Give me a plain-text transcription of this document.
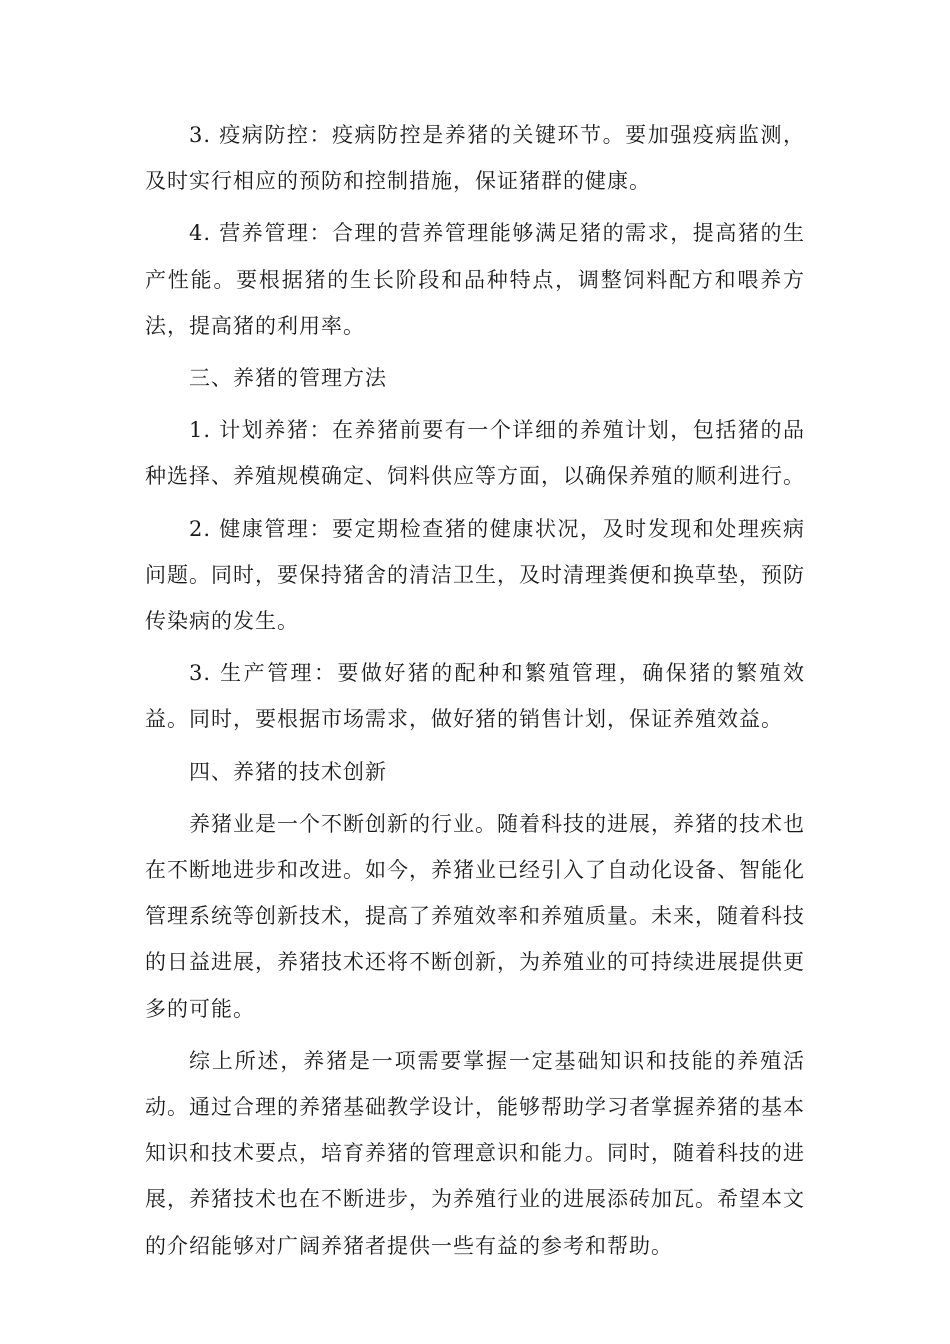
3. 疫病防控：疫病防控是养猪的关键环节。要加强疫病监测，及时实行相应的预防和控制措施，保证猪群的健康。

4. 营养管理：合理的营养管理能够满足猪的需求，提高猪的生产性能。要根据猪的生长阶段和品种特点，调整饲料配方和喂养方法，提高猪的利用率。

三、养猪的管理方法

1. 计划养猪：在养猪前要有一个详细的养殖计划，包括猪的品种选择、养殖规模确定、饲料供应等方面，以确保养殖的顺利进行。

2. 健康管理：要定期检查猪的健康状况，及时发现和处理疾病问题。同时，要保持猪舍的清洁卫生，及时清理粪便和换草垫，预防传染病的发生。

3. 生产管理：要做好猪的配种和繁殖管理，确保猪的繁殖效益。同时，要根据市场需求，做好猪的销售计划，保证养殖效益。

四、养猪的技术创新

养猪业是一个不断创新的行业。随着科技的进展，养猪的技术也在不断地进步和改进。如今，养猪业已经引入了自动化设备、智能化管理系统等创新技术，提高了养殖效率和养殖质量。未来，随着科技的日益进展，养猪技术还将不断创新，为养殖业的可持续进展提供更多的可能。

综上所述，养猪是一项需要掌握一定基础知识和技能的养殖活动。通过合理的养猪基础教学设计，能够帮助学习者掌握养猪的基本知识和技术要点，培育养猪的管理意识和能力。同时，随着科技的进展，养猪技术也在不断进步，为养殖行业的进展添砖加瓦。希望本文的介绍能够对广阔养猪者提供一些有益的参考和帮助。
